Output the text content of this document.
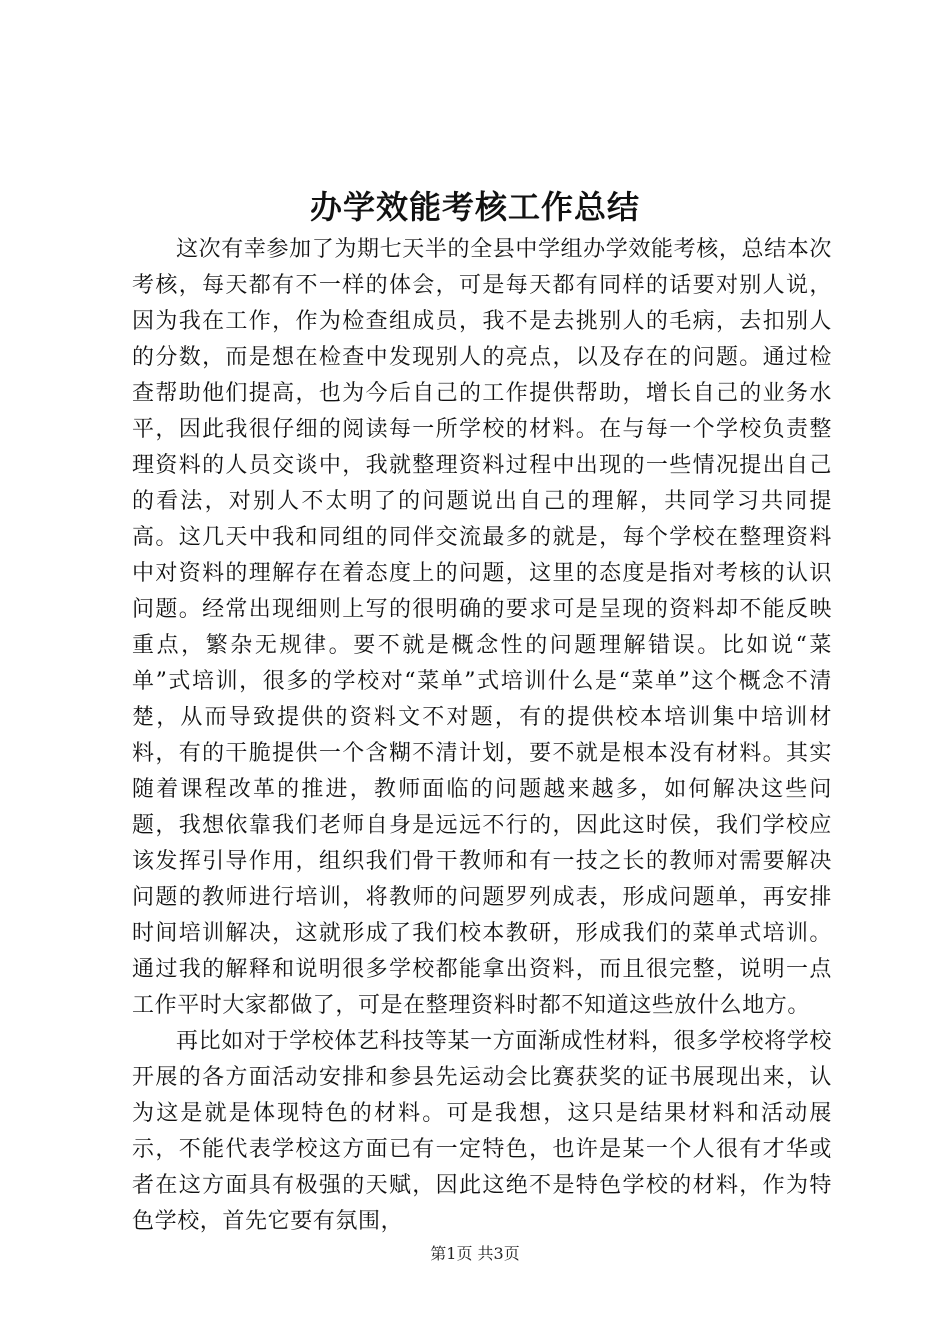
办学效能考核工作总结

这次有幸参加了为期七天半的全县中学组办学效能考核，总结本次考核，每天都有不一样的体会，可是每天都有同样的话要对别人说，因为我在工作，作为检查组成员，我不是去挑别人的毛病，去扣别人的分数，而是想在检查中发现别人的亮点，以及存在的问题。通过检查帮助他们提高，也为今后自己的工作提供帮助，增长自己的业务水平，因此我很仔细的阅读每一所学校的材料。在与每一个学校负责整理资料的人员交谈中，我就整理资料过程中出现的一些情况提出自己的看法，对别人不太明了的问题说出自己的理解，共同学习共同提高。这几天中我和同组的同伴交流最多的就是，每个学校在整理资料中对资料的理解存在着态度上的问题，这里的态度是指对考核的认识问题。经常出现细则上写的很明确的要求可是呈现的资料却不能反映重点，繁杂无规律。要不就是概念性的问题理解错误。比如说“菜单”式培训，很多的学校对“菜单”式培训什么是“菜单”这个概念不清楚，从而导致提供的资料文不对题，有的提供校本培训集中培训材料，有的干脆提供一个含糊不清计划，要不就是根本没有材料。其实随着课程改革的推进，教师面临的问题越来越多，如何解决这些问题，我想依靠我们老师自身是远远不行的，因此这时侯，我们学校应该发挥引导作用，组织我们骨干教师和有一技之长的教师对需要解决问题的教师进行培训，将教师的问题罗列成表，形成问题单，再安排时间培训解决，这就形成了我们校本教研，形成我们的菜单式培训。通过我的解释和说明很多学校都能拿出资料，而且很完整，说明一点工作平时大家都做了，可是在整理资料时都不知道这些放什么地方。

再比如对于学校体艺科技等某一方面渐成性材料，很多学校将学校开展的各方面活动安排和参县先运动会比赛获奖的证书展现出来，认为这是就是体现特色的材料。可是我想，这只是结果材料和活动展示，不能代表学校这方面已有一定特色，也许是某一个人很有才华或者在这方面具有极强的天赋，因此这绝不是特色学校的材料，作为特色学校，首先它要有氛围，

第1页 共3页
